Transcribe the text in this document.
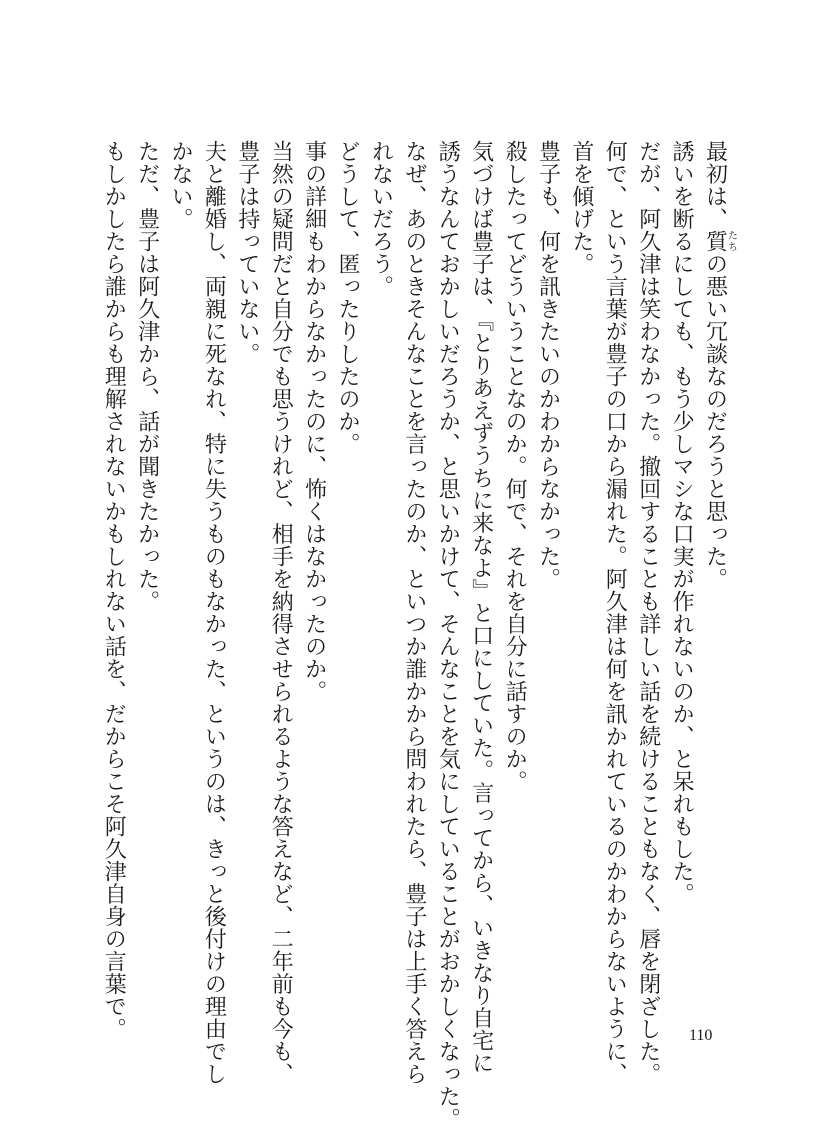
最初は、質たちの悪い冗談なのだろうと思った。
誘いを断るにしても、もう少しマシな口実が作れないのか、と呆れもした。
だが、阿久津は笑わなかった。撤回することも詳しい話を続けることもなく、唇を閉ざした。
何で、という言葉が豊子の口から漏れた。阿久津は何を訊かれているのかわからないように、
首を傾げた。
豊子も、何を訊きたいのかわからなかった。
殺したってどういうことなのか。何で、それを自分に話すのか。
気づけば豊子は、『とりあえずうちに来なよ』と口にしていた。言ってから、いきなり自宅に
誘うなんておかしいだろうか、と思いかけて、そんなことを気にしていることがおかしくなった。
なぜ、あのときそんなことを言ったのか、といつか誰かから問われたら、豊子は上手く答えら
れないだろう。
どうして、匿ったりしたのか。
事の詳細もわからなかったのに、怖くはなかったのか。
当然の疑問だと自分でも思うけれど、相手を納得させられるような答えなど、二年前も今も、
豊子は持っていない。
夫と離婚し、両親に死なれ、特に失うものもなかった、というのは、きっと後付けの理由でし
かない。
ただ、豊子は阿久津から、話が聞きたかった。
もしかしたら誰からも理解されないかもしれない話を、だからこそ阿久津自身の言葉で。	110
